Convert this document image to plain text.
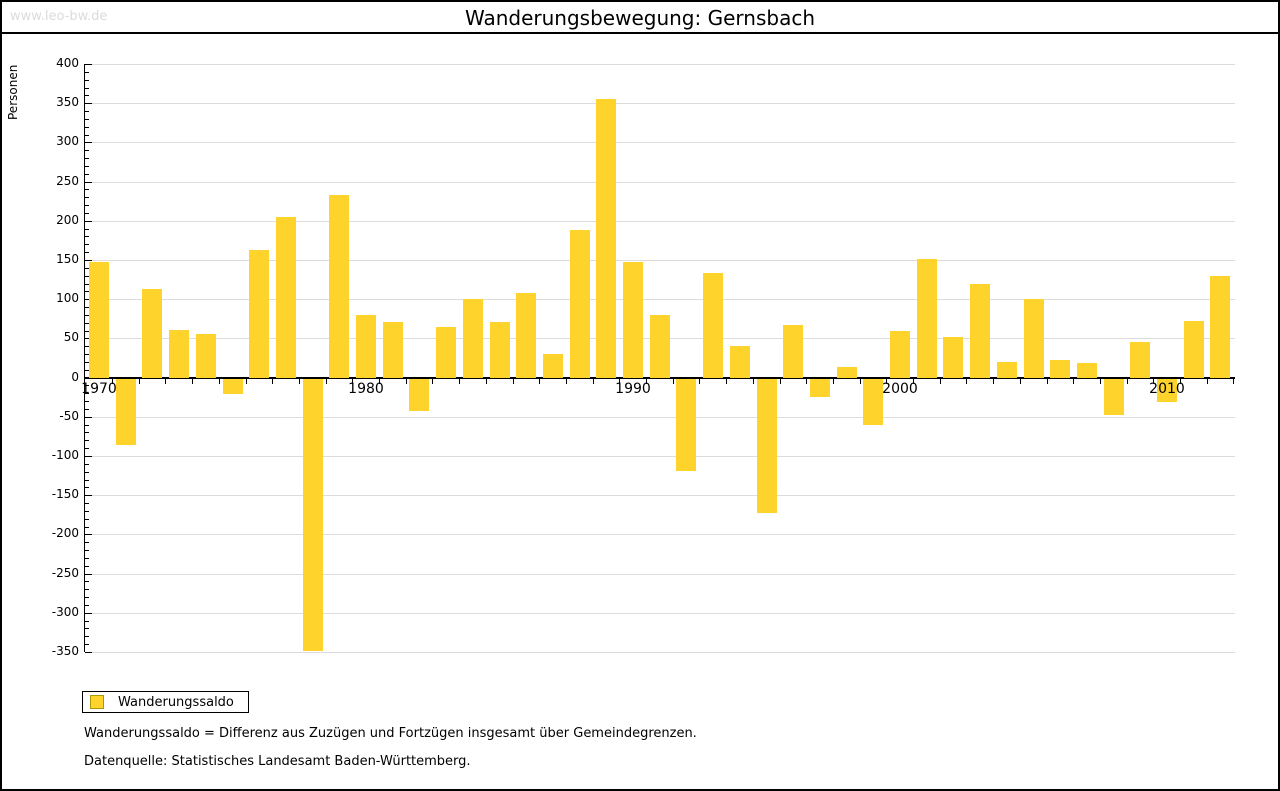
www.leo-bw.de	Wanderungsbewegung: Gernsbach
Personen
400
350
300
250
200
150
100
50
0
-50
-100
-150
-200
-250
-300
-350
1970	1980	1990	2000	2010
Wanderungssaldo
Wanderungssaldo = Differenz aus Zuzügen und Fortzügen insgesamt über Gemeindegrenzen.
Datenquelle: Statistisches Landesamt Baden-Württemberg.
